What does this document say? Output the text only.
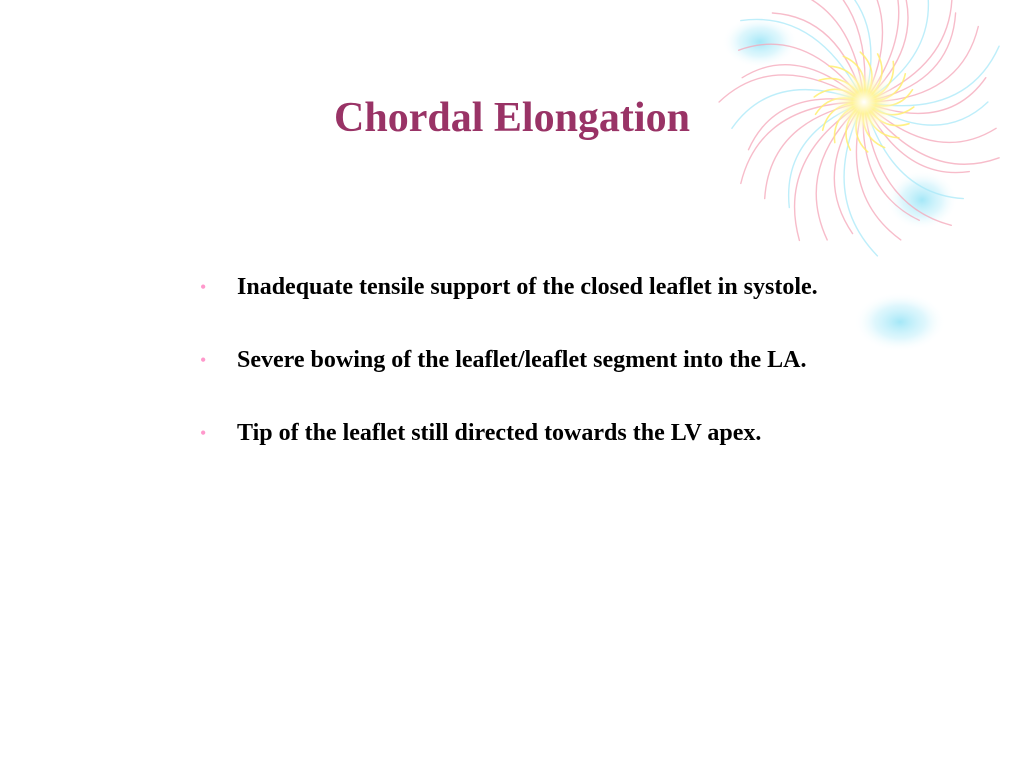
Chordal Elongation
• Inadequate tensile support of the closed leaflet in systole.
• Severe bowing of the leaflet/leaflet segment into the LA.
• Tip of the leaflet still directed towards the LV apex.
